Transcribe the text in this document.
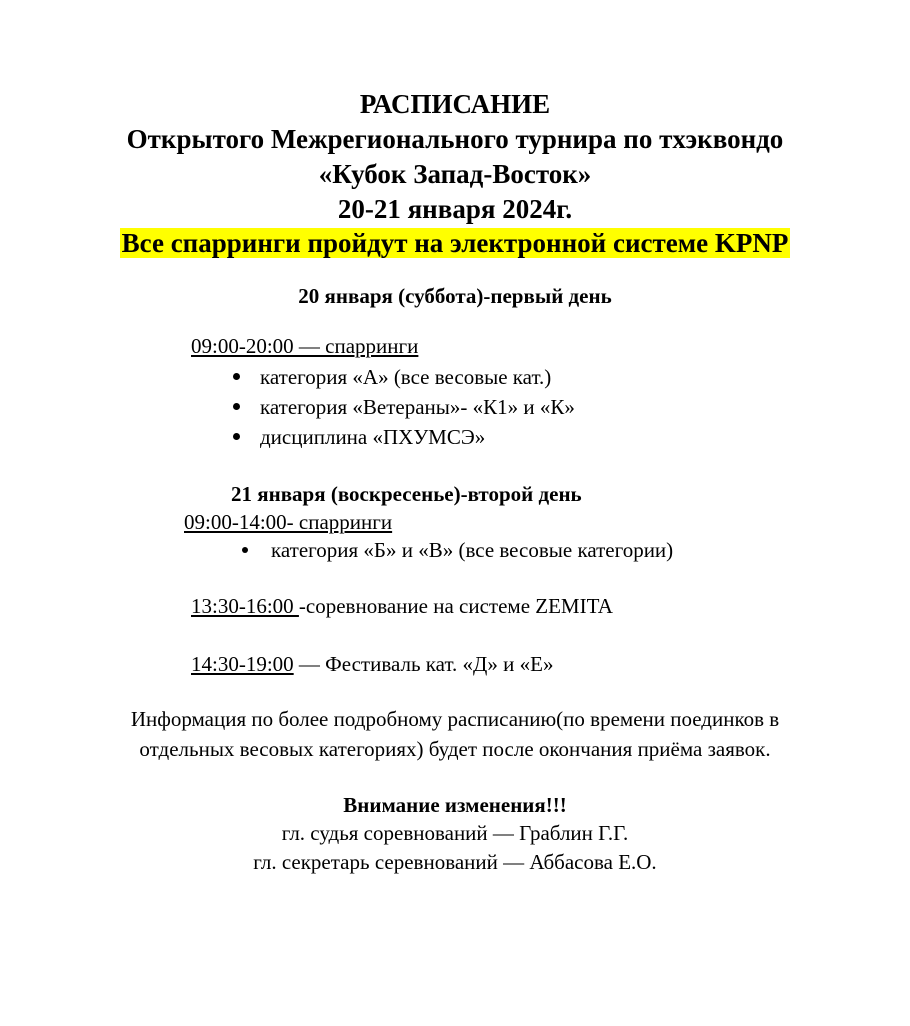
РАСПИСАНИЕ
Открытого Межрегионального турнира по тхэквондо
«Кубок Запад-Восток»
20-21 января 2024г.
Все спарринги пройдут на электронной системе KPNP
20 января (суббота)-первый день
09:00-20:00 — спарринги
категория «А» (все весовые кат.)
категория «Ветераны»- «К1» и «К»
дисциплина «ПХУМСЭ»
21 января (воскресенье)-второй день
09:00-14:00- спарринги
категория «Б» и «В» (все весовые категории)
13:30-16:00 -соревнование на системе ZEMITA
14:30-19:00 — Фестиваль кат. «Д» и «Е»
Информация по более подробному расписанию(по времени поединков в
отдельных весовых категориях) будет после окончания приёма заявок.
Внимание изменения!!!
гл. судья соревнований — Граблин Г.Г.
гл. секретарь серевнований — Аббасова Е.О.
